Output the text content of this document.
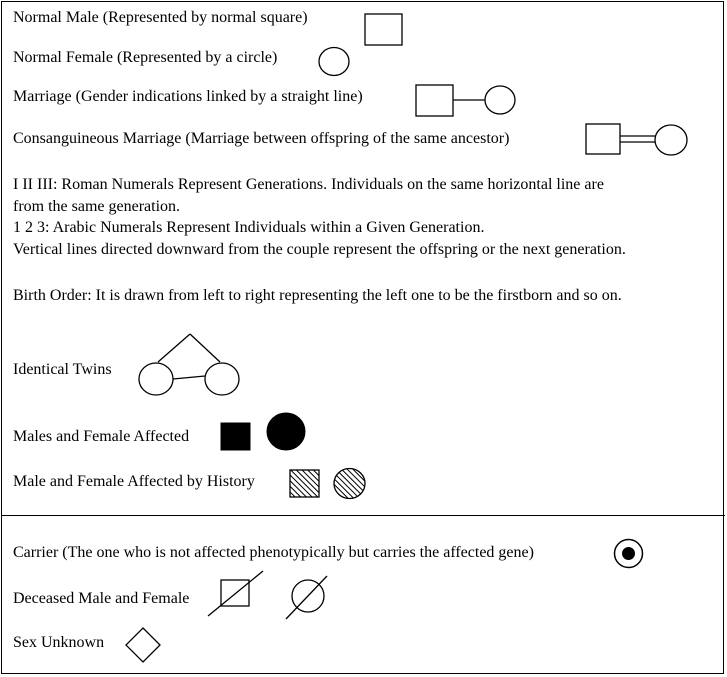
Normal Male (Represented by normal square)
Normal Female (Represented by a circle)
Marriage (Gender indications linked by a straight line)
Consanguineous Marriage (Marriage between offspring of the same ancestor)
I II III: Roman Numerals Represent Generations. Individuals on the same horizontal line are
from the same generation.
1 2 3: Arabic Numerals Represent Individuals within a Given Generation.
Vertical lines directed downward from the couple represent the offspring or the next generation.
Birth Order: It is drawn from left to right representing the left one to be the firstborn and so on.
Identical Twins
Males and Female Affected
Male and Female Affected by History
Carrier (The one who is not affected phenotypically but carries the affected gene)
Deceased Male and Female
Sex Unknown
